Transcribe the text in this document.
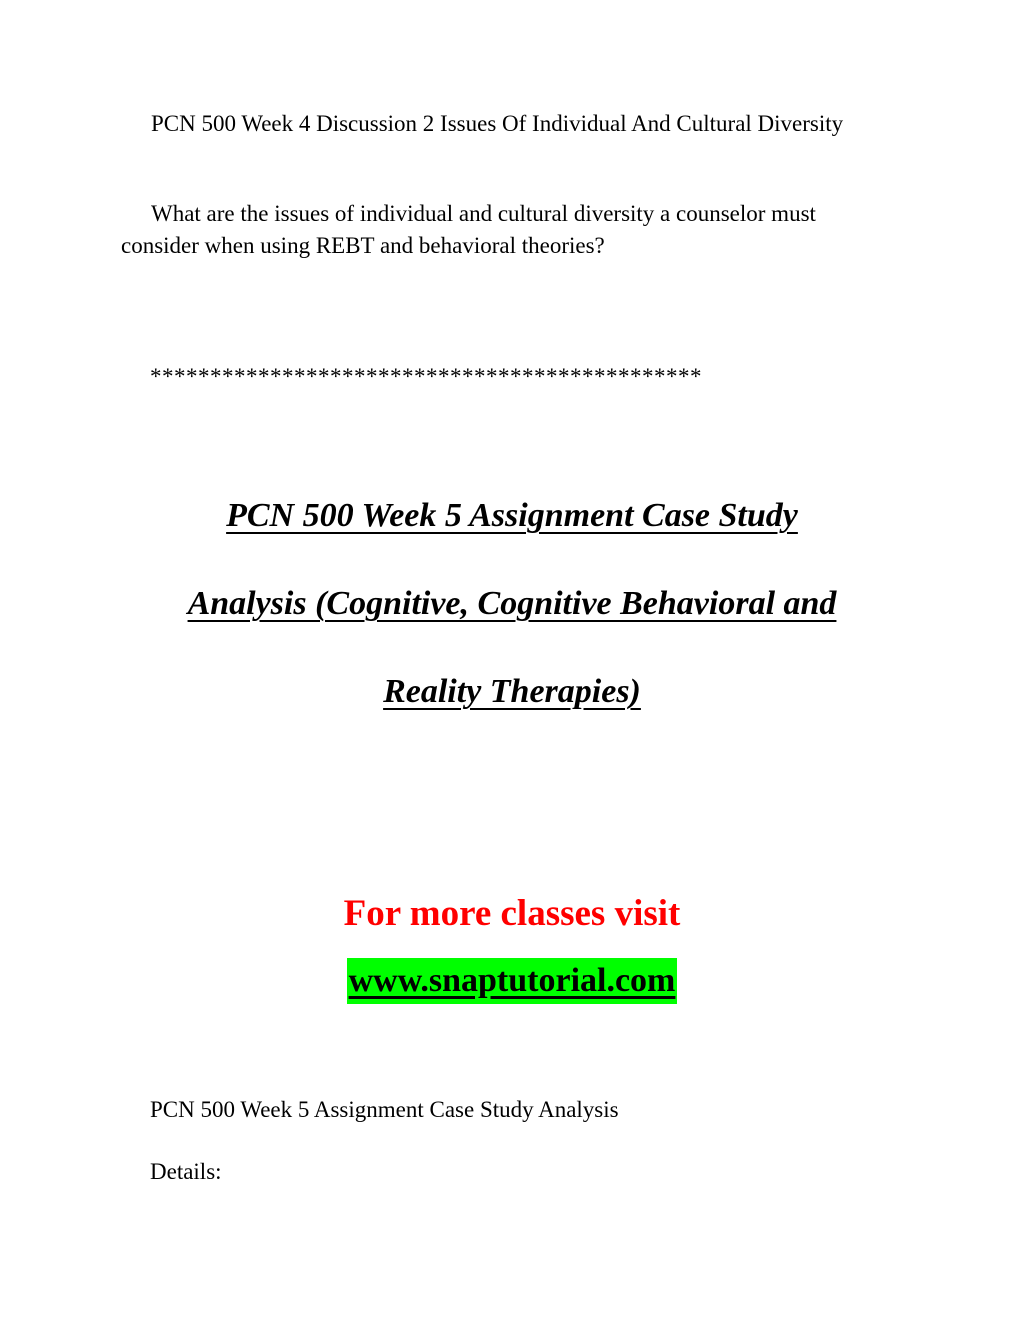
PCN 500 Week 4 Discussion 2 Issues Of Individual And Cultural Diversity

What are the issues of individual and cultural diversity a counselor must consider when using REBT and behavioral theories?

**********************************************
PCN 500 Week 5 Assignment Case Study
Analysis (Cognitive, Cognitive Behavioral and
Reality Therapies)
For more classes visit
www.snaptutorial.com
PCN 500 Week 5 Assignment Case Study Analysis
Details:
